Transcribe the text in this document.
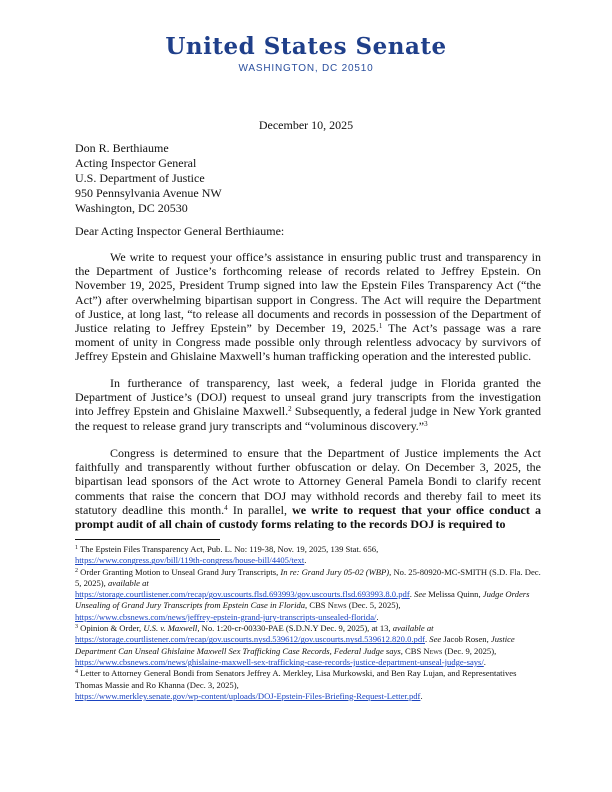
United States Senate
WASHINGTON, DC 20510
December 10, 2025
Don R. Berthiaume
Acting Inspector General
U.S. Department of Justice
950 Pennsylvania Avenue NW
Washington, DC 20530
Dear Acting Inspector General Berthiaume:

We write to request your office’s assistance in ensuring public trust and transparency in the Department of Justice’s forthcoming release of records related to Jeffrey Epstein. On November 19, 2025, President Trump signed into law the Epstein Files Transparency Act (“the Act”) after overwhelming bipartisan support in Congress. The Act will require the Department of Justice, at long last, “to release all documents and records in possession of the Department of Justice relating to Jeffrey Epstein” by December 19, 2025.$^1$ The Act’s passage was a rare moment of unity in Congress made possible only through relentless advocacy by survivors of Jeffrey Epstein and Ghislaine Maxwell’s human trafficking operation and the interested public.

In furtherance of transparency, last week, a federal judge in Florida granted the Department of Justice’s (DOJ) request to unseal grand jury transcripts from the investigation into Jeffrey Epstein and Ghislaine Maxwell.$^2$ Subsequently, a federal judge in New York granted the request to release grand jury transcripts and “voluminous discovery.”$^3$

Congress is determined to ensure that the Department of Justice implements the Act faithfully and transparently without further obfuscation or delay. On December 3, 2025, the bipartisan lead sponsors of the Act wrote to Attorney General Pamela Bondi to clarify recent comments that raise the concern that DOJ may withhold records and thereby fail to meet its statutory deadline this month.$^4$ In parallel, we write to request that your office conduct a prompt audit of all chain of custody forms relating to the records DOJ is required to

$^1$ The Epstein Files Transparency Act, Pub. L. No: 119-38, Nov. 19, 2025, 139 Stat. 656,
https://www.congress.gov/bill/119th-congress/house-bill/4405/text.

$^2$ Order Granting Motion to Unseal Grand Jury Transcripts, In re: Grand Jury 05-02 (WBP), No. 25-80920-MC-SMITH (S.D. Fla. Dec. 5, 2025), available at
https://storage.courtlistener.com/recap/gov.uscourts.flsd.693993/gov.uscourts.flsd.693993.8.0.pdf. See Melissa Quinn, Judge Orders Unsealing of Grand Jury Transcripts from Epstein Case in Florida, CBS News (Dec. 5, 2025),
https://www.cbsnews.com/news/jeffrey-epstein-grand-jury-transcripts-unsealed-florida/.

$^3$ Opinion & Order, U.S. v. Maxwell, No. 1:20-cr-00330-PAE (S.D.N.Y Dec. 9, 2025), at 13, available at
https://storage.courtlistener.com/recap/gov.uscourts.nysd.539612/gov.uscourts.nysd.539612.820.0.pdf. See Jacob Rosen, Justice Department Can Unseal Ghislaine Maxwell Sex Trafficking Case Records, Federal Judge says, CBS News (Dec. 9, 2025), https://www.cbsnews.com/news/ghislaine-maxwell-sex-trafficking-case-records-justice-department-unseal-judge-says/.

$^4$ Letter to Attorney General Bondi from Senators Jeffrey A. Merkley, Lisa Murkowski, and Ben Ray Lujan, and Representatives Thomas Massie and Ro Khanna (Dec. 3, 2025),
https://www.merkley.senate.gov/wp-content/uploads/DOJ-Epstein-Files-Briefing-Request-Letter.pdf.
